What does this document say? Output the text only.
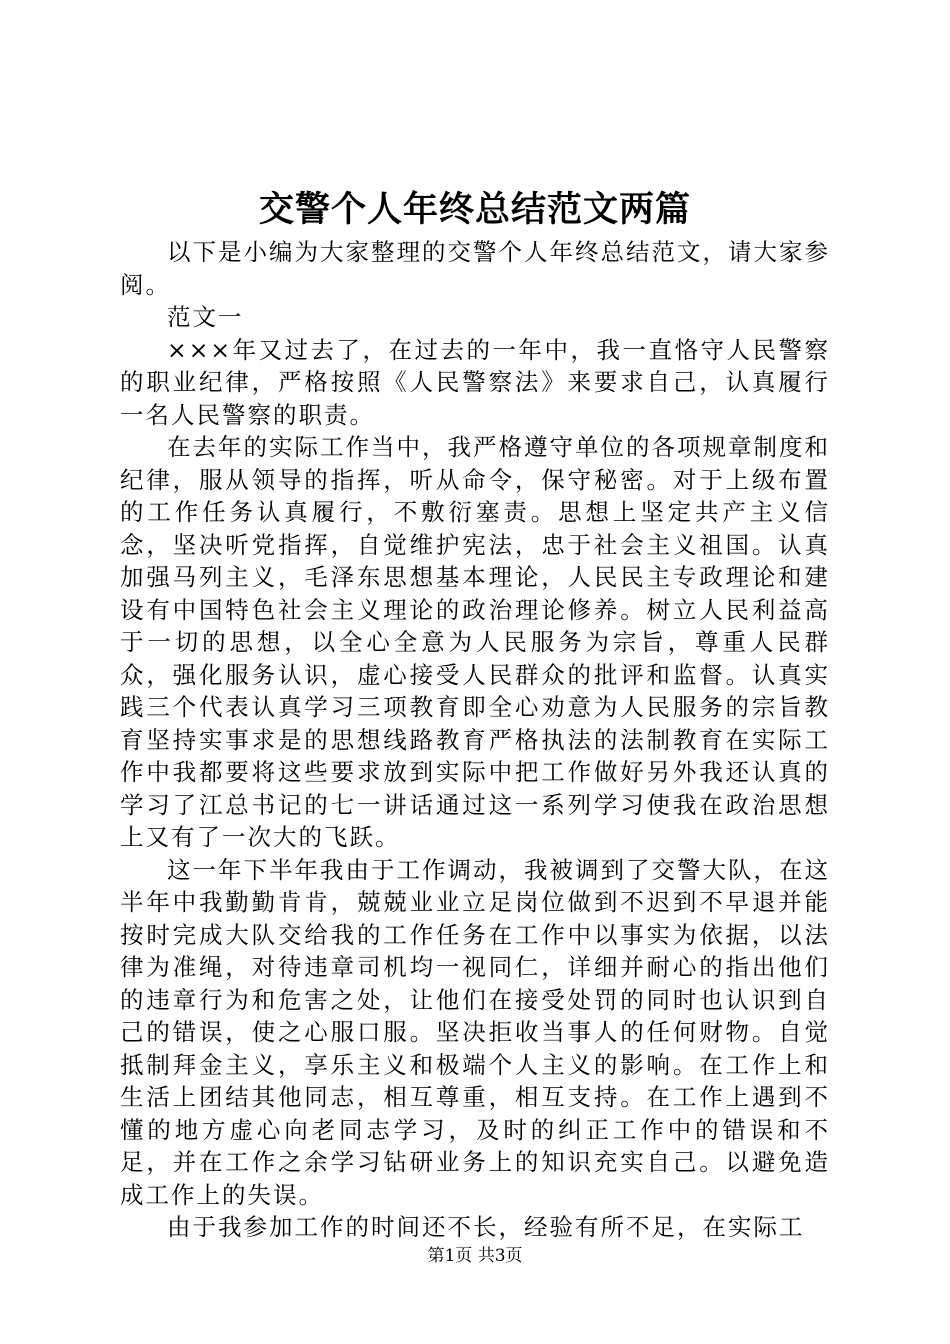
交警个人年终总结范文两篇

以下是小编为大家整理的交警个人年终总结范文，请大家参阅。

范文一

×××年又过去了，在过去的一年中，我一直恪守人民警察的职业纪律，严格按照《人民警察法》来要求自己，认真履行一名人民警察的职责。

在去年的实际工作当中，我严格遵守单位的各项规章制度和纪律，服从领导的指挥，听从命令，保守秘密。对于上级布置的工作任务认真履行，不敷衍塞责。思想上坚定共产主义信念，坚决听党指挥，自觉维护宪法，忠于社会主义祖国。认真加强马列主义，毛泽东思想基本理论，人民民主专政理论和建设有中国特色社会主义理论的政治理论修养。树立人民利益高于一切的思想，以全心全意为人民服务为宗旨，尊重人民群众，强化服务认识，虚心接受人民群众的批评和监督。认真实践三个代表认真学习三项教育即全心劝意为人民服务的宗旨教育坚持实事求是的思想线路教育严格执法的法制教育在实际工作中我都要将这些要求放到实际中把工作做好另外我还认真的学习了江总书记的七一讲话通过这一系列学习使我在政治思想上又有了一次大的飞跃。

这一年下半年我由于工作调动，我被调到了交警大队，在这半年中我勤勤肯肯，兢兢业业立足岗位做到不迟到不早退并能按时完成大队交给我的工作任务在工作中以事实为依据，以法律为准绳，对待违章司机均一视同仁，详细并耐心的指出他们的违章行为和危害之处，让他们在接受处罚的同时也认识到自己的错误，使之心服口服。坚决拒收当事人的任何财物。自觉抵制拜金主义，享乐主义和极端个人主义的影响。在工作上和生活上团结其他同志，相互尊重，相互支持。在工作上遇到不懂的地方虚心向老同志学习，及时的纠正工作中的错误和不足，并在工作之余学习钻研业务上的知识充实自己。以避免造成工作上的失误。

由于我参加工作的时间还不长，经验有所不足，在实际工

第1页 共3页
